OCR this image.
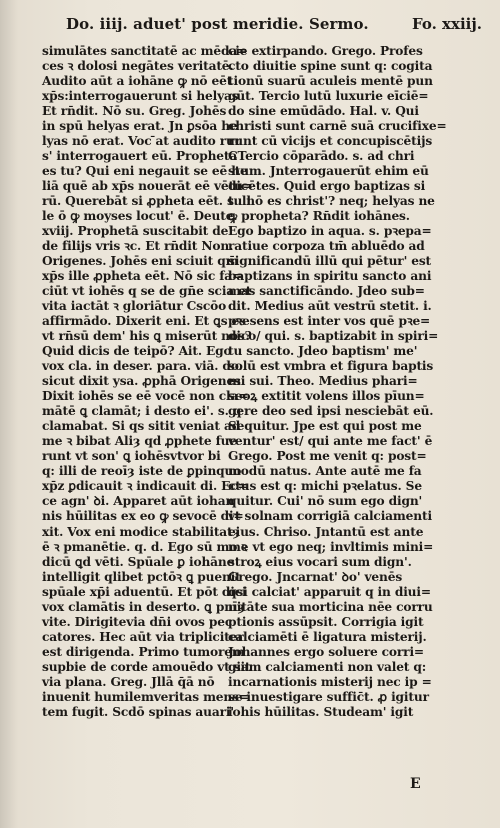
Do. iiij. aduet' post meridie. Sermo.	Fo. xxiij.
simulātes sanctitatē ac mēda=
ces ꝛ dolosi negātes veritatē.
Audito aūt a iohāne ꝙ nō eēt
xp̄s:interrogauerunt si helyas
Et rn̄dit. Nō su. Greg. Johēs
in spū helyas erat. Jn ꝑsōa he
lyas nō erat. Voc ̄at audito rur
s' interrogauert eū. Propheta
es tu? Qui eni negauit se eē he
liā quē ab xp̄s nouerāt eē vētu=
rū. Querebāt si ꝓpheta eēt. s. ll
le ō ꝙ moyses locut' ē. Deute.
xviij. Prophetā suscitabit de'
de filijs vris ꝛc. Et rn̄dit Non.
Origenes. Johēs eni sciuit qm̄
xp̄s ille ꝓpheta eēt. Nō sic fa=
ciūt vt iohēs q se de gn̄e scia et
vita iactāt ꝛ gloriātur Cscōo
affirmādo. Dixerit eni. Et ꝗs es
vt rn̄sū dem' his ꝗ miserūt nos?
Quid dicis de teipō? Ait. Ego
vox cla. in deser. para. viā. do.
sicut dixit ysa. ꝓphā Origenes
Dixit iohēs se eē vocē non cla=
mātē ꝗ clamāt; i desto ei'. s. q
clamabat. Si qs sitit veniat ad
me ꝛ bibat Aliȝ qd ꝓphete fue
runt vt son' ꝗ iohēsvtvor bi
q: illi de reoīȝ iste de ꝑpinquo
xp̄z ꝑdicauit ꝛ indicauit di. Ec=
ce agn' ꝺi. Apparet aūt iohan
nis hūilitas ex eo ꝙ sevocē di=
xit. Vox eni modice stabilitatȝ
ē ꝛ pmanētie. q. d. Ego sū mo ꝛ
dicū ꝗd vēti. Spūale ꝑ iohāne
intelligit qlibet pctōꝛ ꝗ puenit
spūale xp̄i aduentū. Et pōt dici
vox clamātis in deserto. ꝗ pnīȝ
vite. Dirigitevia dn̄i ovos pec
catores. Hec aūt via tripliciter
est dirigenda. Primo tumorem
supbie de corde amouēdo vt sit
via plana. Greg. Jllā q̄ā nō
inuenit humilemveritas mens=
tem fugit. Scdō spinas auari'
cie extirpando. Grego. Profes
cto diuitie spine sunt q: cogita
tionū suarū aculeis mentē pun
gūt. Tercio lutū luxurie eīciē=
do sine emūdādo. Hal. v. Qui
christi sunt carnē suā crucifixe=
runt cū vicijs et concupiscētijs
CTercio cōparādo. s. ad chri
stum. Jnterrogauerūt ehim eū
dicētes. Quid ergo baptizas si
tu nō es christ'? neq; helyas ne
ꝙ propheta? Rn̄dit iohānes.
Ego baptizo in aqua. s. pꝛepa=
ratiue corpoza tm̄ abluēdo ad
significandū illū qui pētur' est
baptizans in spiritu sancto ani
mas sanctificāndo. Jdeo sub=
dit. Medius aūt vestrū stetit. i.
pꝛesens est inter vos quē pꝛe=
dico/ qui. s. baptizabit in spiri=
tu sancto. Jdeo baptism' me'
solū est vmbra et figura baptis
mi sui. Theo. Medius phari=
seoꝝ extitit volens illos pīun=
gere deo sed ipsi nesciebāt eū.
Sequitur. Jpe est qui post me
ventur' est/ qui ante me fact' ē
Grego. Post me venit q: post=
modū natus. Ante autē me fa
ctus est q: michi pꝛelatus. Se
quitur. Cui' nō sum ego dign'
vt solnam corrigiā calciamenti
eius. Chriso. Jntantū est ante
me vt ego neq; invltimis mini=
stroꝝ eius vocari sum dign'.
Grego. Jncarnat' ꝺo' venēs
qsi calciat' apparuit q in diui=
nitāte sua morticina nēe corru
ptionis assūpsit. Corrigia igit
calciamēti ē ligatura misterij.
Johannes ergo soluere corri=
giam calciamenti non valet q:
incarnationis misterij nec ip =
se inuestigare suffic̄t. ꝓ igitur
iohis hūilitas. Studeam' igit
E
